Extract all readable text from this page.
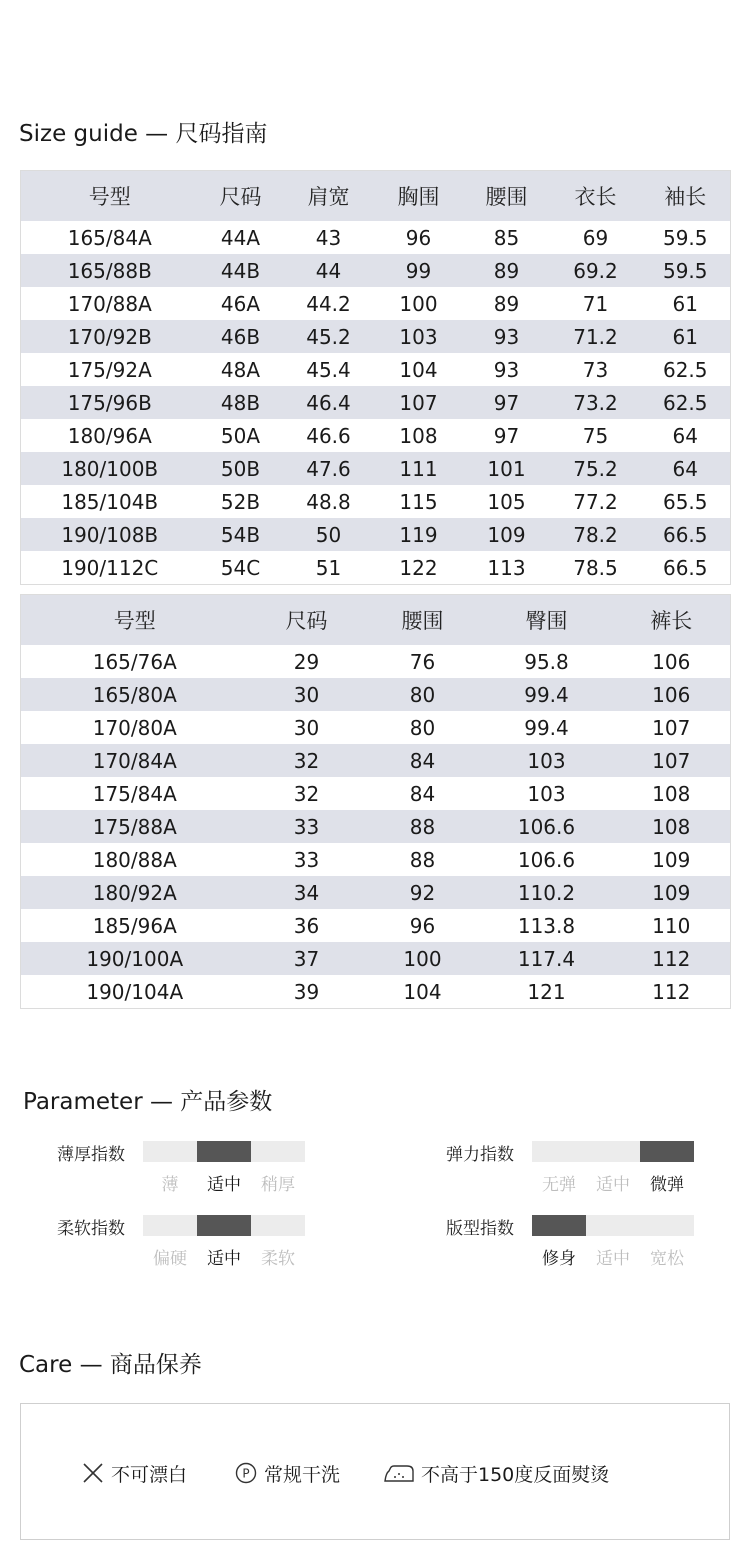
Size guide — 尺码指南
号型	尺码	肩宽	胸围	腰围	衣长	袖长
165/84A	44A	43	96	85	69	59.5
165/88B	44B	44	99	89	69.2	59.5
170/88A	46A	44.2	100	89	71	61
170/92B	46B	45.2	103	93	71.2	61
175/92A	48A	45.4	104	93	73	62.5
175/96B	48B	46.4	107	97	73.2	62.5
180/96A	50A	46.6	108	97	75	64
180/100B	50B	47.6	111	101	75.2	64
185/104B	52B	48.8	115	105	77.2	65.5
190/108B	54B	50	119	109	78.2	66.5
190/112C	54C	51	122	113	78.5	66.5
号型	尺码	腰围	臀围	裤长
165/76A	29	76	95.8	106
165/80A	30	80	99.4	106
170/80A	30	80	99.4	107
170/84A	32	84	103	107
175/84A	32	84	103	108
175/88A	33	88	106.6	108
180/88A	33	88	106.6	109
180/92A	34	92	110.2	109
185/96A	36	96	113.8	110
190/100A	37	100	117.4	112
190/104A	39	104	121	112
Parameter — 产品参数
薄厚指数
薄	适中	稍厚
弹力指数
无弹	适中	微弹
柔软指数
偏硬	适中	柔软
版型指数
修身	适中	宽松
Care — 商品保养
不可漂白	P 常规干洗	不高于150度反面熨烫
